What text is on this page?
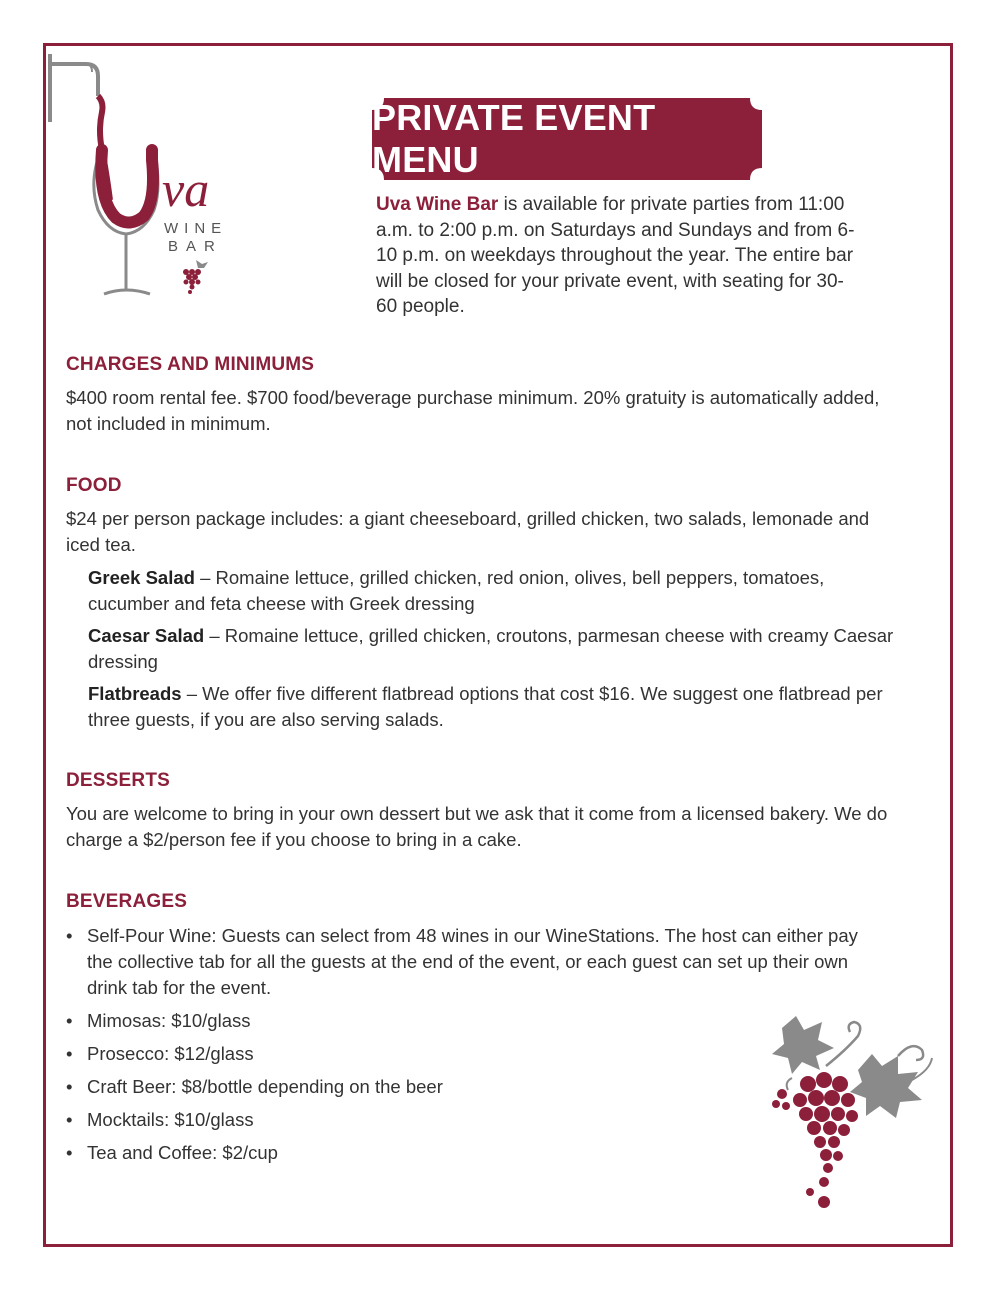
va
WINE
BAR
PRIVATE EVENT MENU
Uva Wine Bar is available for private parties from 11:00 a.m. to 2:00 p.m. on Saturdays and Sundays and from 6-10 p.m. on weekdays throughout the year. The entire bar will be closed for your private event, with seating for 30-60 people.
CHARGES AND MINIMUMS
$400 room rental fee. $700 food/beverage purchase minimum. 20% gratuity is automatically added, not included in minimum.
FOOD
$24 per person package includes: a giant cheeseboard, grilled chicken, two salads, lemonade and iced tea.
Greek Salad – Romaine lettuce, grilled chicken, red onion, olives, bell peppers, tomatoes, cucumber and feta cheese with Greek dressing
Caesar Salad – Romaine lettuce, grilled chicken, croutons, parmesan cheese with creamy Caesar dressing
Flatbreads – We offer five different flatbread options that cost $16. We suggest one flatbread per three guests, if you are also serving salads.
DESSERTS
You are welcome to bring in your own dessert but we ask that it come from a licensed bakery. We do charge a $2/person fee if you choose to bring in a cake.
BEVERAGES
• Self-Pour Wine: Guests can select from 48 wines in our WineStations. The host can either pay the collective tab for all the guests at the end of the event, or each guest can set up their own drink tab for the event.
• Mimosas: $10/glass
• Prosecco: $12/glass
• Craft Beer: $8/bottle depending on the beer
• Mocktails: $10/glass
• Tea and Coffee: $2/cup
